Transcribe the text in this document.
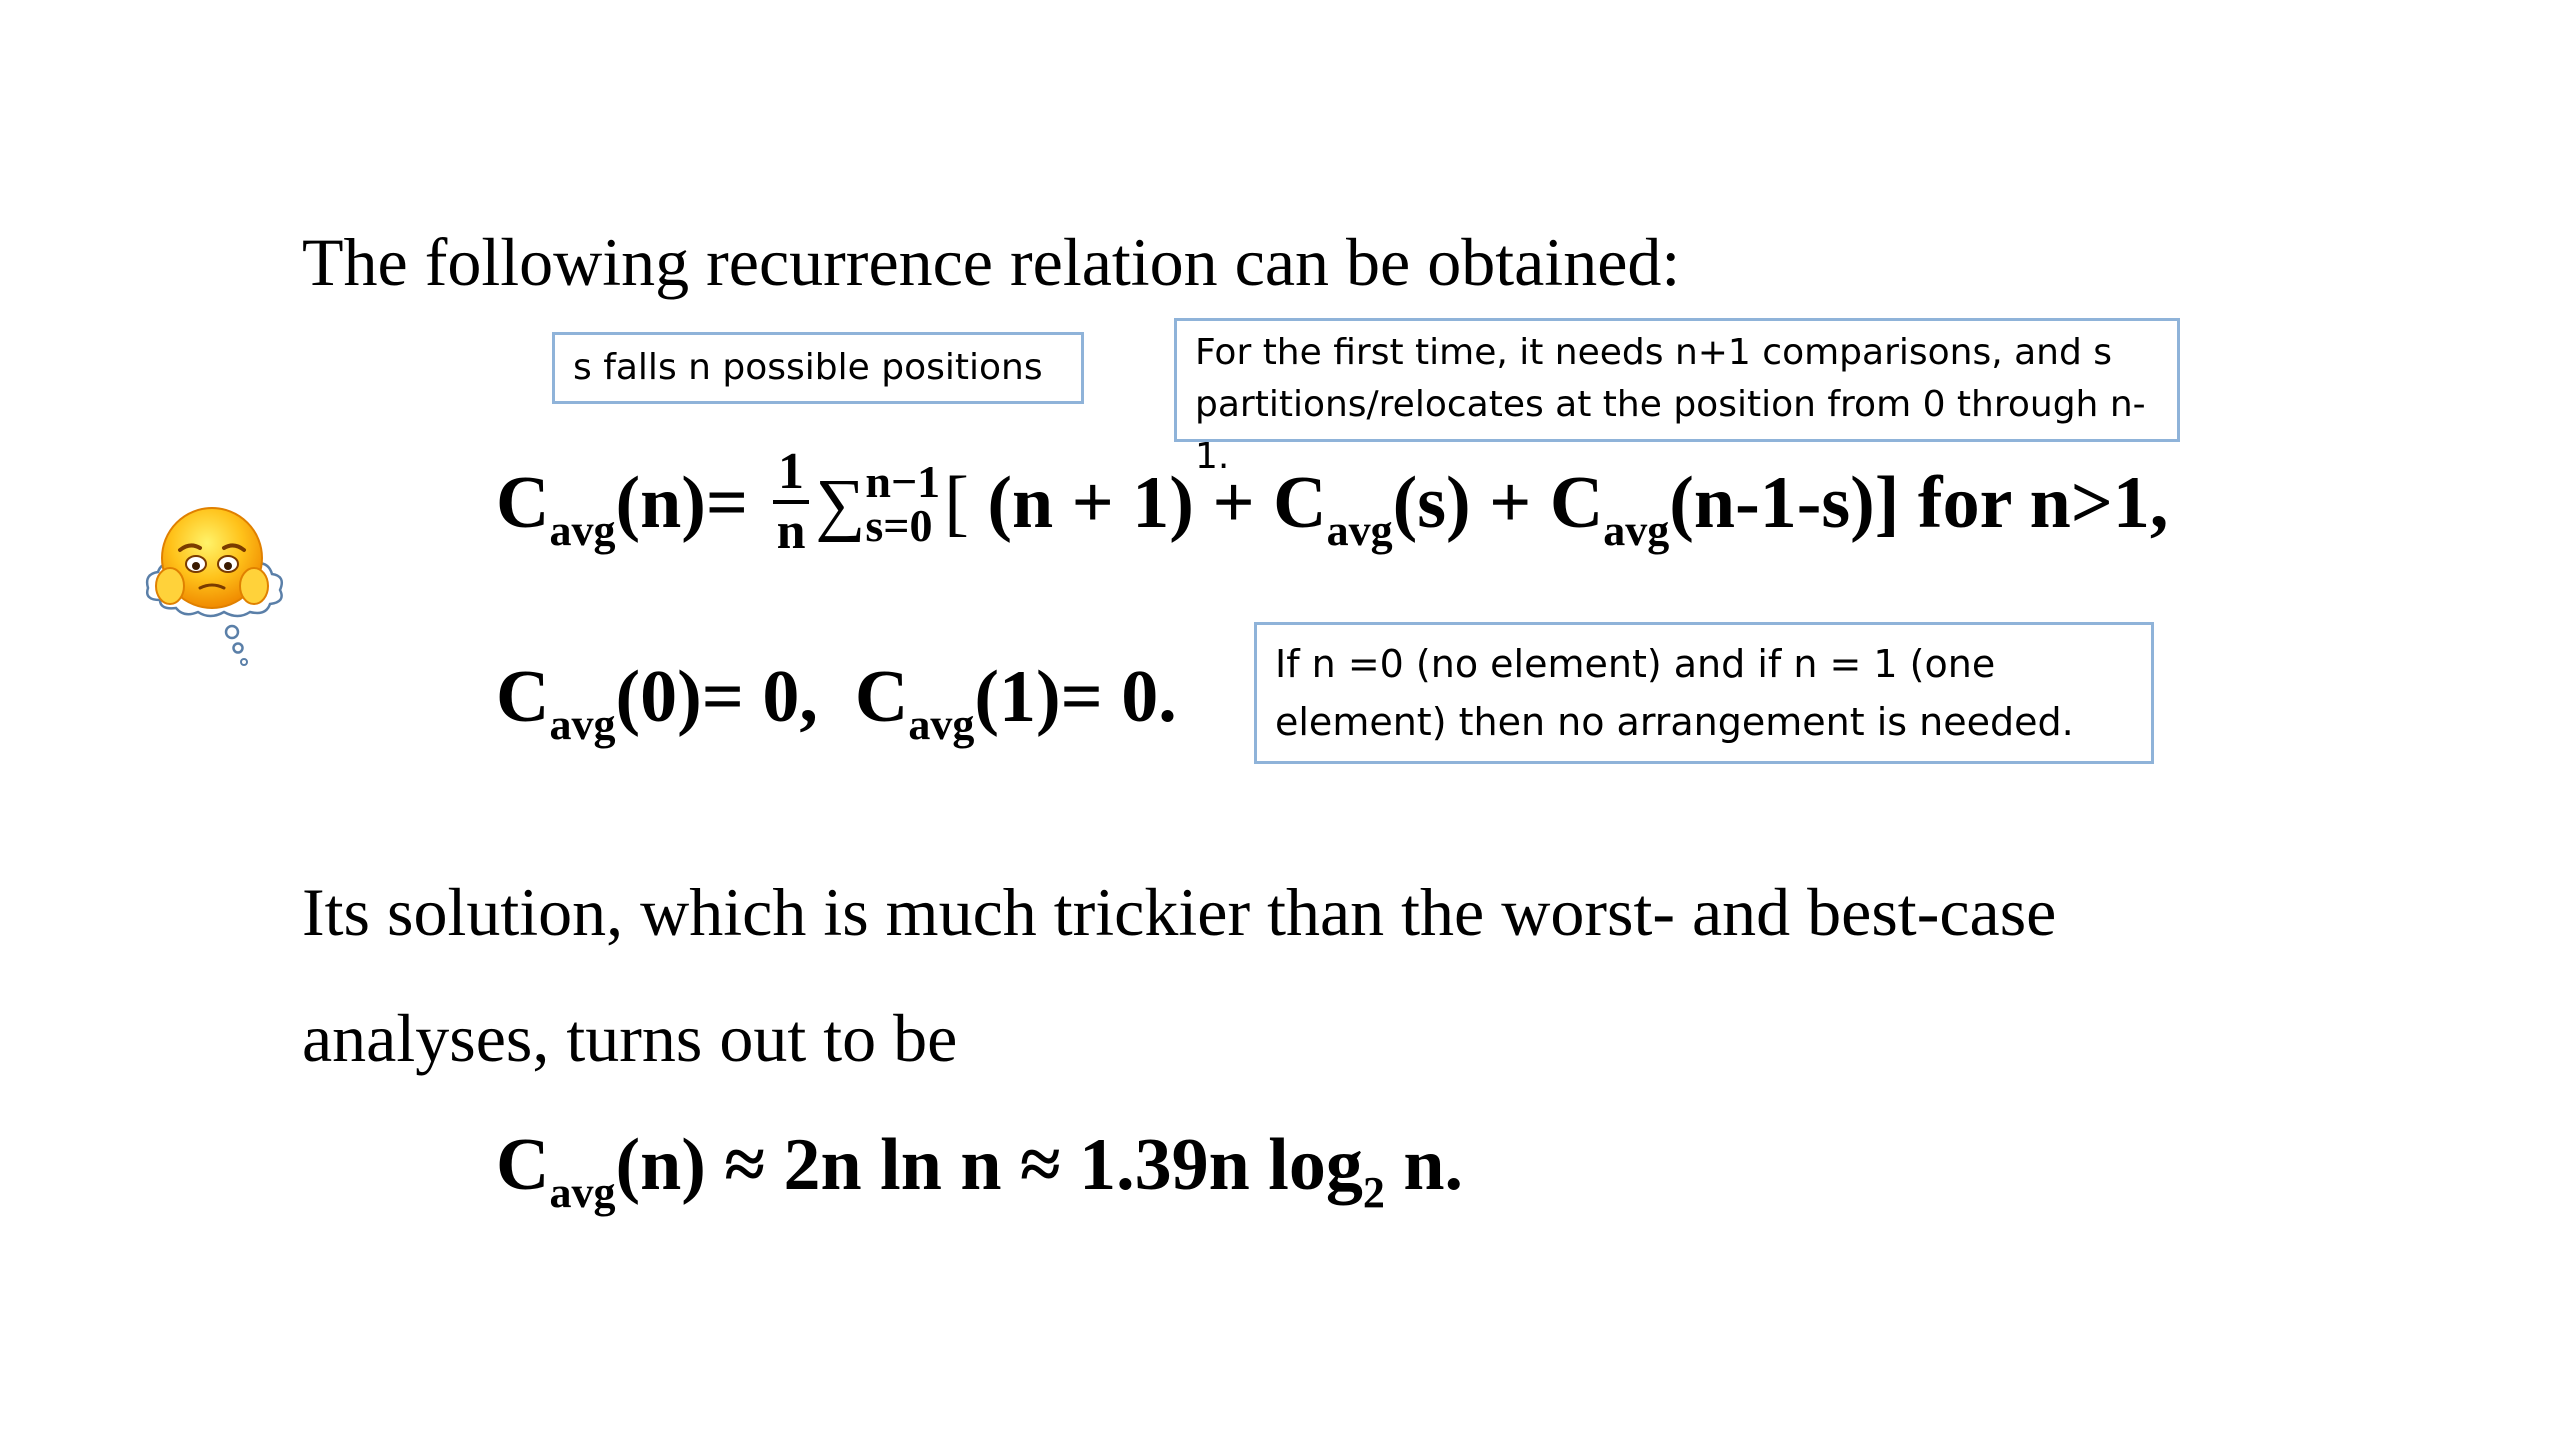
The following recurrence relation can be obtained:
s falls n possible positions	For the first time, it needs n+1 comparisons, and s
partitions/relocates at the position from 0 through n-1.
$C_{avg}(n)= \frac{1}{n}$ ∑ n−1
s=0 [ $(n + 1) + C_{avg}(s) + C_{avg}(n-1-s)$] for n>1,
$C_{avg}(0)= 0$, $C_{avg}(1)= 0$.	If n =0 (no element) and if n = 1 (one
element) then no arrangement is needed.
Its solution, which is much trickier than the worst- and best-case
analyses, turns out to be
$C_{avg}(n) \approx 2n$ ln n ≈ 1.39n $\log_2 n$.
